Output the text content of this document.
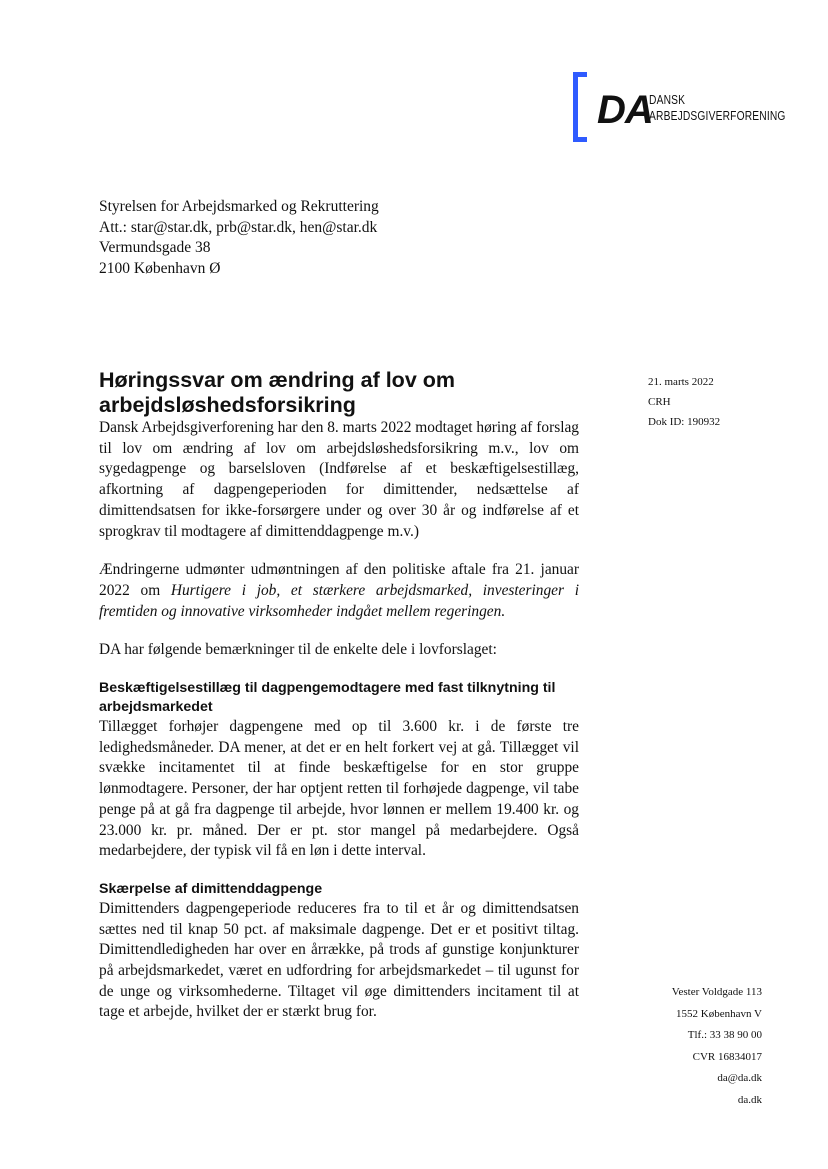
DA
DANSK
ARBEJDSGIVERFORENING
Styrelsen for Arbejdsmarked og Rekruttering
Att.: star@star.dk, prb@star.dk, hen@star.dk
Vermundsgade 38
2100 København Ø
21. marts 2022
CRH
Dok ID: 190932
Høringssvar om ændring af lov om arbejdsløshedsforsikring

Dansk Arbejdsgiverforening har den 8. marts 2022 modtaget høring af forslag til lov om ændring af lov om arbejdsløshedsforsikring m.v., lov om sygedagpenge og barselsloven (Indførelse af et beskæftigelsestillæg, afkortning af dagpengeperioden for dimittender, nedsættelse af dimittendsatsen for ikke-forsørgere under og over 30 år og indførelse af et sprogkrav til modtagere af dimittenddagpenge m.v.)

Ændringerne udmønter udmøntningen af den politiske aftale fra 21. januar 2022 om Hurtigere i job, et stærkere arbejdsmarked, investeringer i fremtiden og innovative virksomheder indgået mellem regeringen.

DA har følgende bemærkninger til de enkelte dele i lovforslaget:

Beskæftigelsestillæg til dagpengemodtagere med fast tilknytning til arbejdsmarkedet

Tillægget forhøjer dagpengene med op til 3.600 kr. i de første tre ledighedsmåneder. DA mener, at det er en helt forkert vej at gå. Tillægget vil svække incitamentet til at finde beskæftigelse for en stor gruppe lønmodtagere. Personer, der har optjent retten til forhøjede dagpenge, vil tabe penge på at gå fra dagpenge til arbejde, hvor lønnen er mellem 19.400 kr. og 23.000 kr. pr. måned. Der er pt. stor mangel på medarbejdere. Også medarbejdere, der typisk vil få en løn i dette interval.

Skærpelse af dimittenddagpenge

Dimittenders dagpengeperiode reduceres fra to til et år og dimittendsatsen sættes ned til knap 50 pct. af maksimale dagpenge. Det er et positivt tiltag. Dimittendledigheden har over en årrække, på trods af gunstige konjunkturer på arbejdsmarkedet, været en udfordring for arbejdsmarkedet – til ugunst for de unge og virksomhederne. Tiltaget vil øge dimittenders incitament til at tage et arbejde, hvilket der er stærkt brug for.

Vester Voldgade 113
1552 København V
Tlf.: 33 38 90 00
CVR 16834017
da@da.dk
da.dk
